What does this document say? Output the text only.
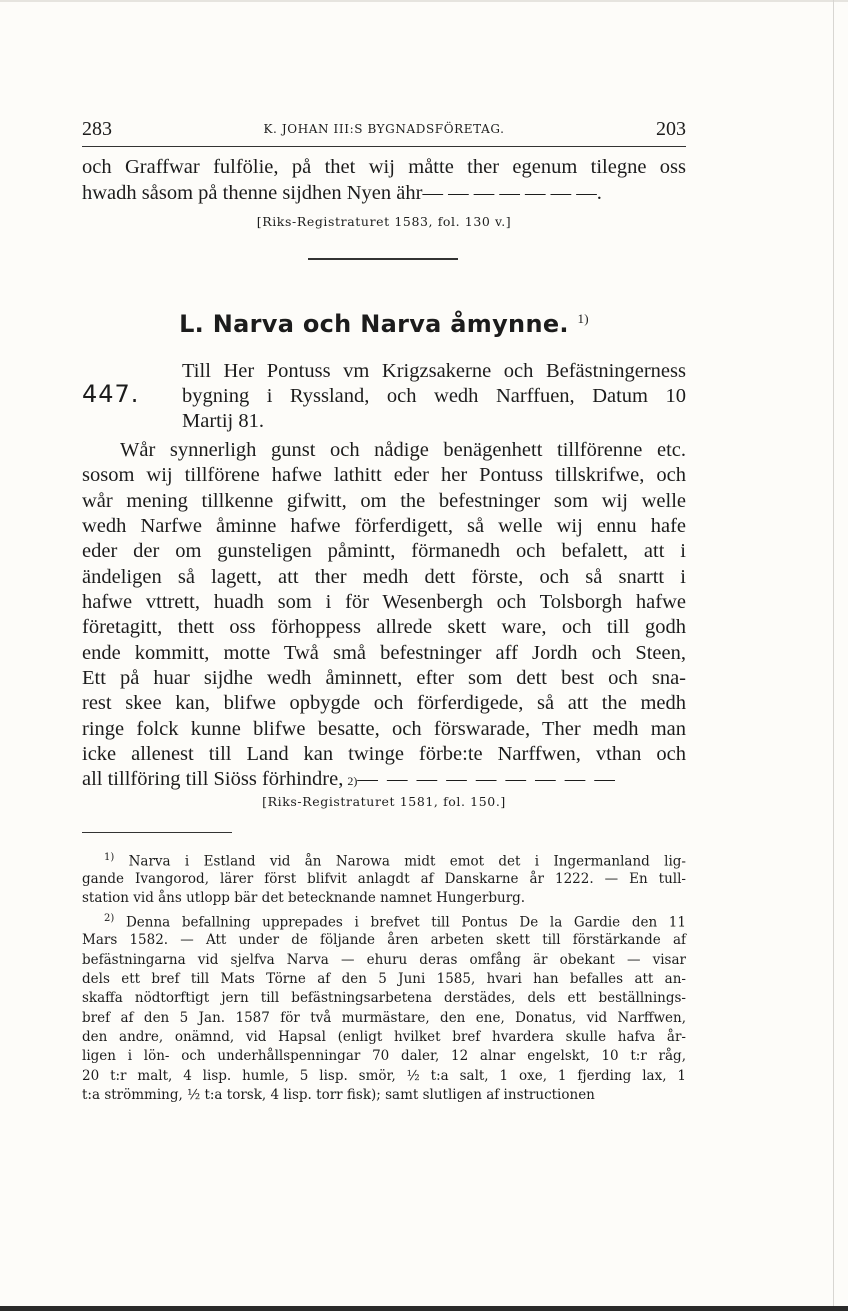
283	K. JOHAN III:S BYGNADSFÖRETAG.	203
och Graffwar fulfölie, på thet wij måtte ther egenum tilegne oss
hwadh såsom på thenne sijdhen Nyen ähr— — — — — — —.
[Riks-Registraturet 1583, fol. 130 v.]
L. Narva och Narva åmynne. $^{1)}$
447.
Till Her Pontuss vm Krigzsakerne och Befästningerness
bygning i Ryssland, och wedh Narffuen, Datum 10
Martij 81.
Wår synnerligh gunst och nådige benägenhett tillförenne etc.
sosom wij tillförene hafwe lathitt eder her Pontuss tillskrifwe, och
wår mening tillkenne gifwitt, om the befestninger som wij welle
wedh Narfwe åminne hafwe förferdigett, så welle wij ennu hafe
eder der om gunsteligen påmintt, förmanedh och befalett, att i
ändeligen så lagett, att ther medh dett förste, och så snartt i
hafwe vttrett, huadh som i för Wesenbergh och Tolsborgh hafwe
företagitt, thett oss förhoppess allrede skett ware, och till godh
ende kommitt, motte Twå små befestninger aff Jordh och Steen,
Ett på huar sijdhe wedh åminnett, efter som dett best och sna-
rest skee kan, blifwe opbygde och förferdigede, så att the medh
ringe folck kunne blifwe besatte, och förswarade, Ther medh man
icke allenest till Land kan twinge förbe:te Narffwen, vthan och
all tillföring till Siöss förhindre, 2) — — — — — — — — —
[Riks-Registraturet 1581, fol. 150.]
$^{1)}$ Narva i Estland vid ån Narowa midt emot det i Ingermanland lig-
gande Ivangorod, lärer först blifvit anlagdt af Danskarne år 1222. — En tull-
station vid åns utlopp bär det betecknande namnet Hungerburg.
$^{2)}$ Denna befallning upprepades i brefvet till Pontus De la Gardie den 11
Mars 1582. — Att under de följande åren arbeten skett till förstärkande af
befästningarna vid sjelfva Narva — ehuru deras omfång är obekant — visar
dels ett bref till Mats Törne af den 5 Juni 1585, hvari han befalles att an-
skaffa nödtorftigt jern till befästningsarbetena derstädes, dels ett beställnings-
bref af den 5 Jan. 1587 för två murmästare, den ene, Donatus, vid Narffwen,
den andre, onämnd, vid Hapsal (enligt hvilket bref hvardera skulle hafva år-
ligen i lön- och underhållspenningar 70 daler, 12 alnar engelskt, 10 t:r råg,
20 t:r malt, 4 lisp. humle, 5 lisp. smör, ½ t:a salt, 1 oxe, 1 fjerding lax, 1
t:a strömming, ½ t:a torsk, 4 lisp. torr fisk); samt slutligen af instructionen
